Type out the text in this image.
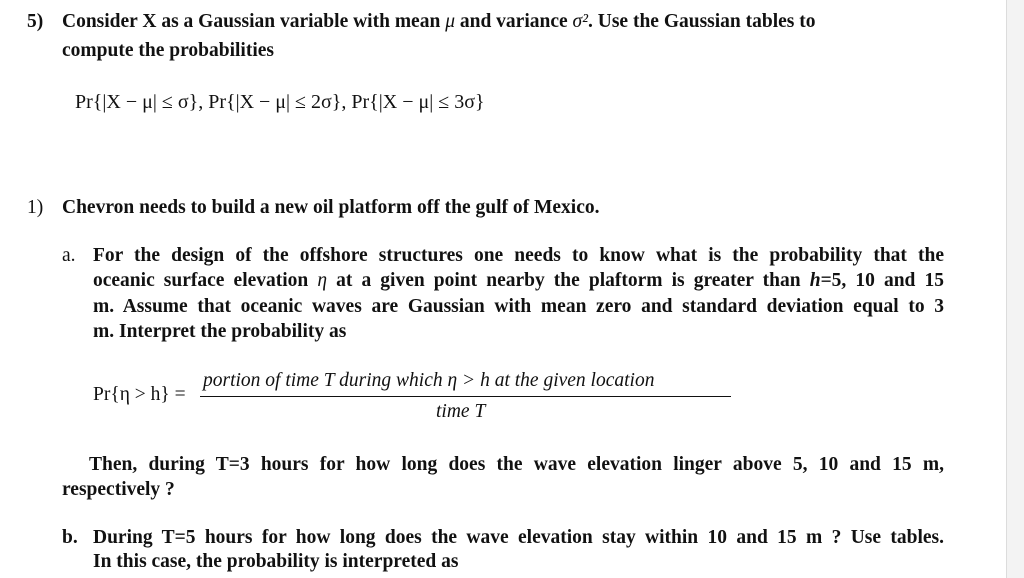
5) Consider X as a Gaussian variable with mean μ and variance σ². Use the Gaussian tables to
compute the probabilities
Pr{|X − μ| ≤ σ}, Pr{|X − μ| ≤ 2σ}, Pr{|X − μ| ≤ 3σ}
1) Chevron needs to build a new oil platform off the gulf of Mexico.
a. For the design of the offshore structures one needs to know what is the probability that the
oceanic surface elevation η at a given point nearby the plaftorm is greater than h=5, 10 and 15
m. Assume that oceanic waves are Gaussian with mean zero and standard deviation equal to 3
m. Interpret the probability as
Pr{η > h} =
portion of time T during which η > h at the given location
time T
Then, during T=3 hours for how long does the wave elevation linger above 5, 10 and 15 m,
respectively ?
b. During T=5 hours for how long does the wave elevation stay within 10 and 15 m ? Use tables.
In this case, the probability is interpreted as
